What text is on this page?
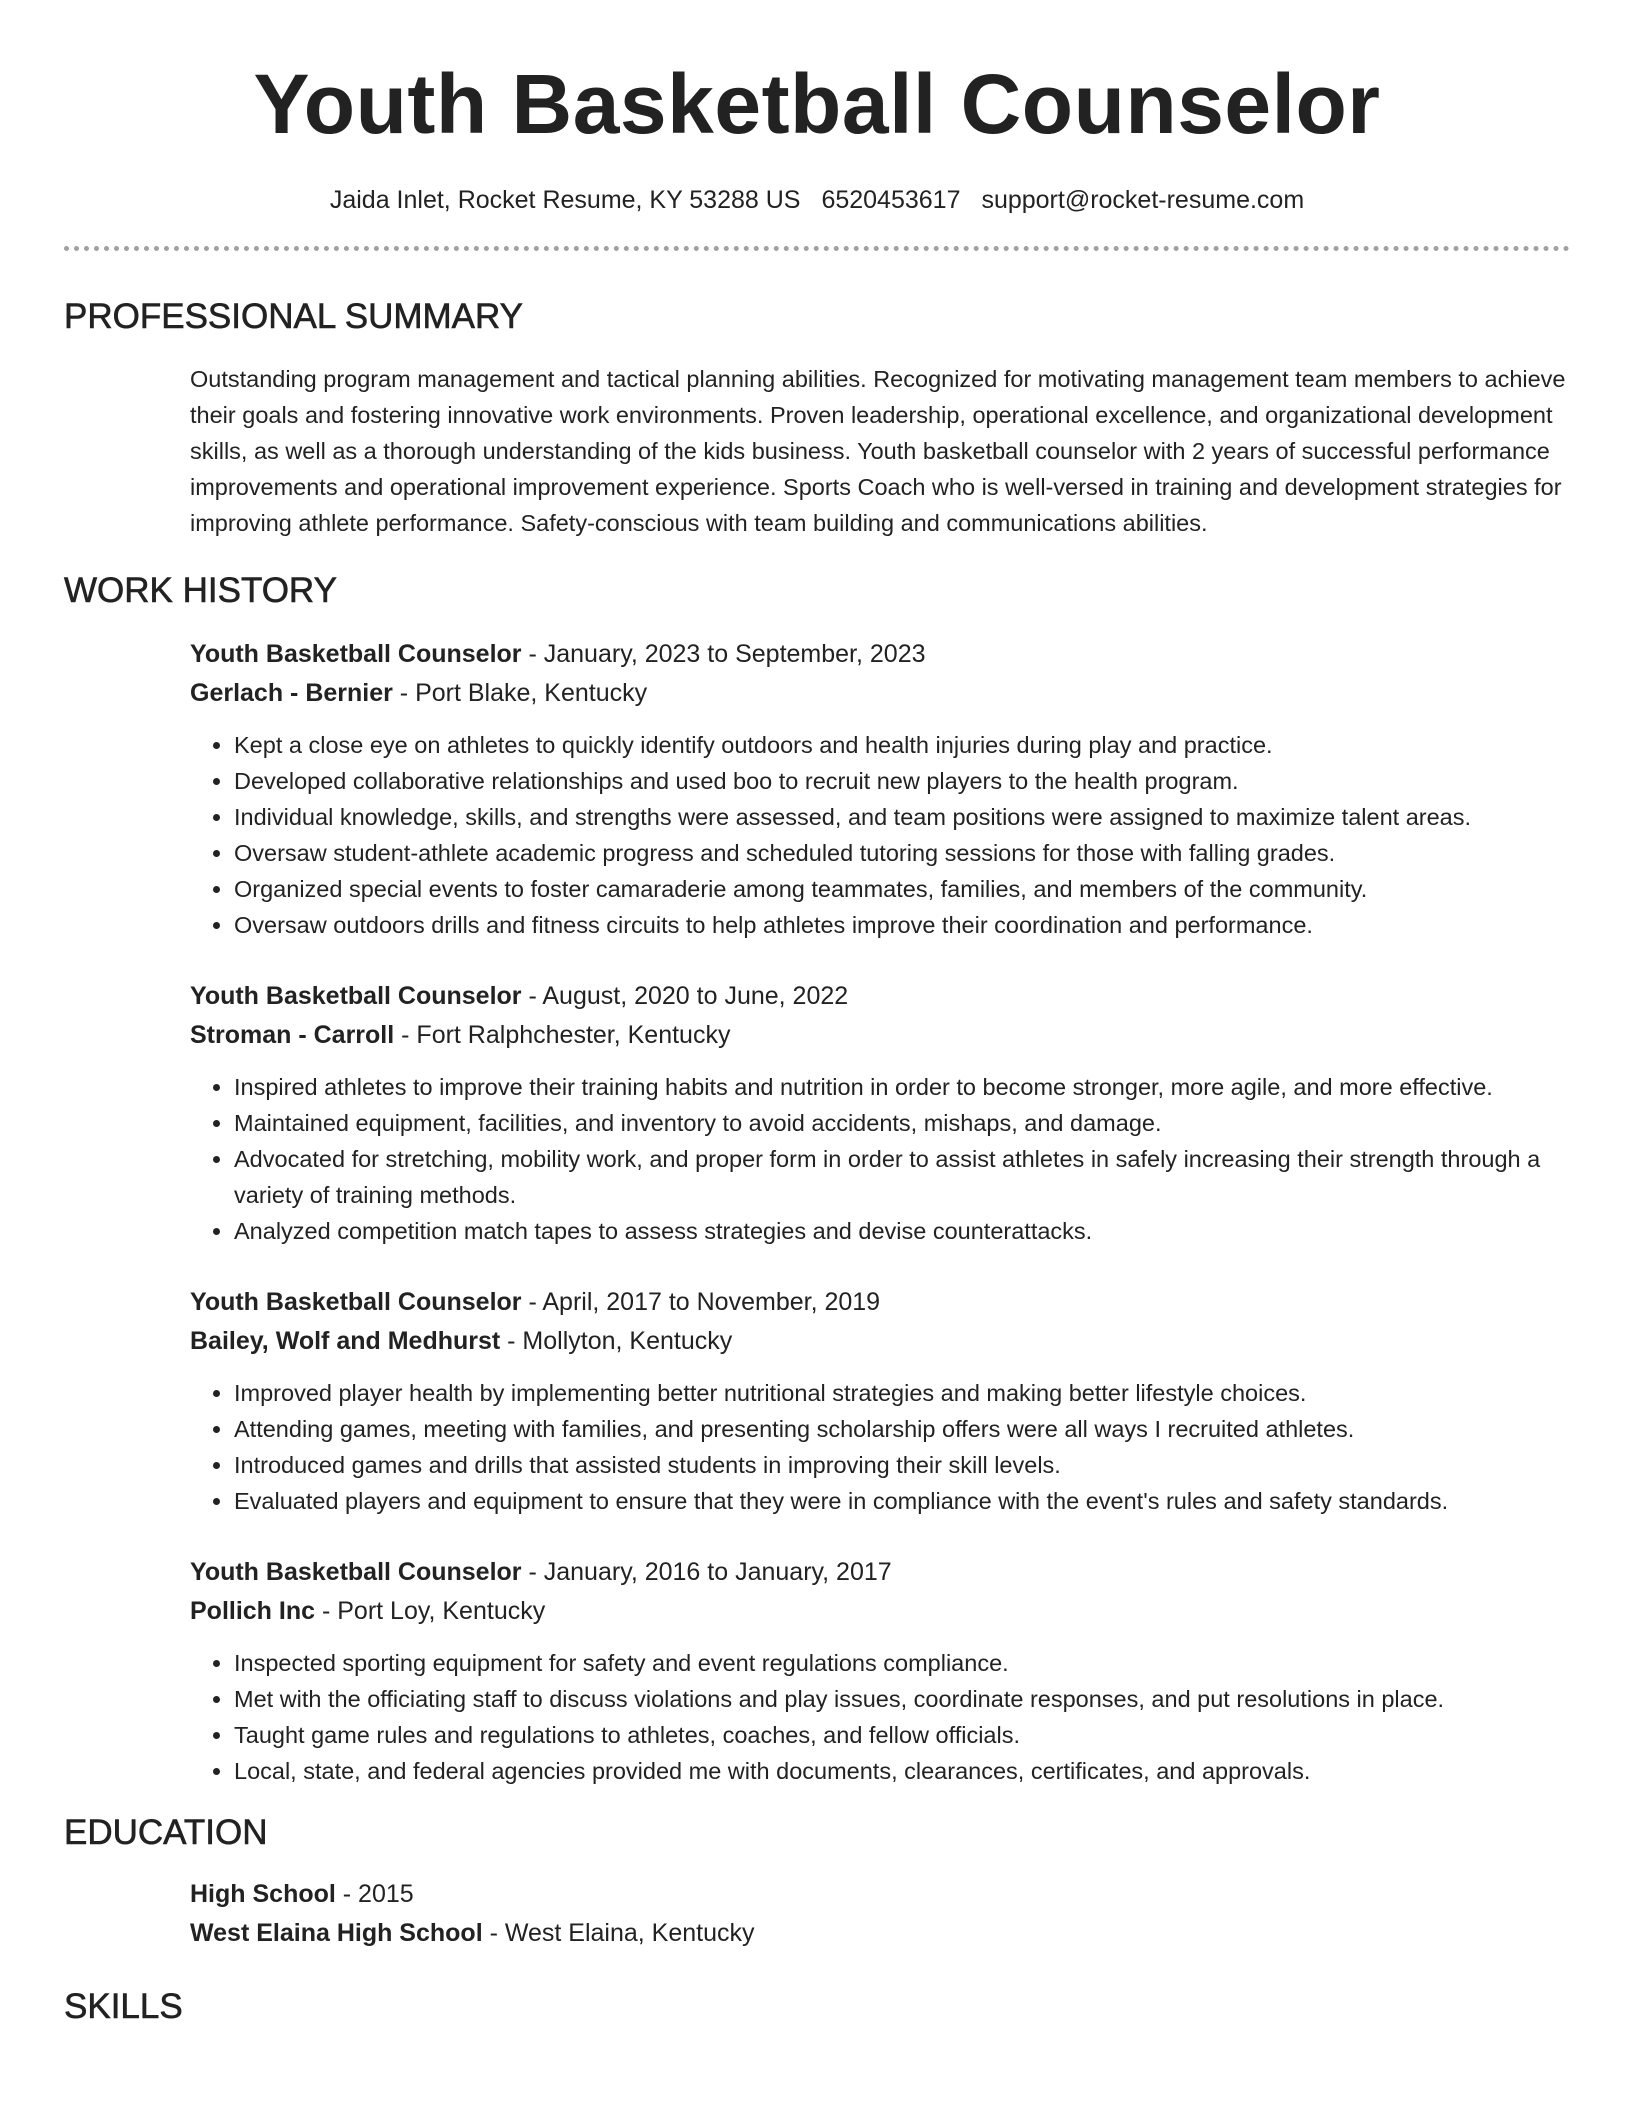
Youth Basketball Counselor
Jaida Inlet, Rocket Resume, KY 53288 US 6520453617 support@rocket-resume.com
PROFESSIONAL SUMMARY
Outstanding program management and tactical planning abilities. Recognized for motivating management team members to achieve their goals and fostering innovative work environments. Proven leadership, operational excellence, and organizational development skills, as well as a thorough understanding of the kids business. Youth basketball counselor with 2 years of successful performance improvements and operational improvement experience. Sports Coach who is well-versed in training and development strategies for improving athlete performance. Safety-conscious with team building and communications abilities.
WORK HISTORY
Youth Basketball Counselor - January, 2023 to September, 2023
Gerlach - Bernier - Port Blake, Kentucky
• Kept a close eye on athletes to quickly identify outdoors and health injuries during play and practice.
• Developed collaborative relationships and used boo to recruit new players to the health program.
• Individual knowledge, skills, and strengths were assessed, and team positions were assigned to maximize talent areas.
• Oversaw student-athlete academic progress and scheduled tutoring sessions for those with falling grades.
• Organized special events to foster camaraderie among teammates, families, and members of the community.
• Oversaw outdoors drills and fitness circuits to help athletes improve their coordination and performance.
Youth Basketball Counselor - August, 2020 to June, 2022
Stroman - Carroll - Fort Ralphchester, Kentucky
• Inspired athletes to improve their training habits and nutrition in order to become stronger, more agile, and more effective.
• Maintained equipment, facilities, and inventory to avoid accidents, mishaps, and damage.
• Advocated for stretching, mobility work, and proper form in order to assist athletes in safely increasing their strength through a variety of training methods.
• Analyzed competition match tapes to assess strategies and devise counterattacks.
Youth Basketball Counselor - April, 2017 to November, 2019
Bailey, Wolf and Medhurst - Mollyton, Kentucky
• Improved player health by implementing better nutritional strategies and making better lifestyle choices.
• Attending games, meeting with families, and presenting scholarship offers were all ways I recruited athletes.
• Introduced games and drills that assisted students in improving their skill levels.
• Evaluated players and equipment to ensure that they were in compliance with the event's rules and safety standards.
Youth Basketball Counselor - January, 2016 to January, 2017
Pollich Inc - Port Loy, Kentucky
• Inspected sporting equipment for safety and event regulations compliance.
• Met with the officiating staff to discuss violations and play issues, coordinate responses, and put resolutions in place.
• Taught game rules and regulations to athletes, coaches, and fellow officials.
• Local, state, and federal agencies provided me with documents, clearances, certificates, and approvals.
EDUCATION
High School - 2015
West Elaina High School - West Elaina, Kentucky
SKILLS
